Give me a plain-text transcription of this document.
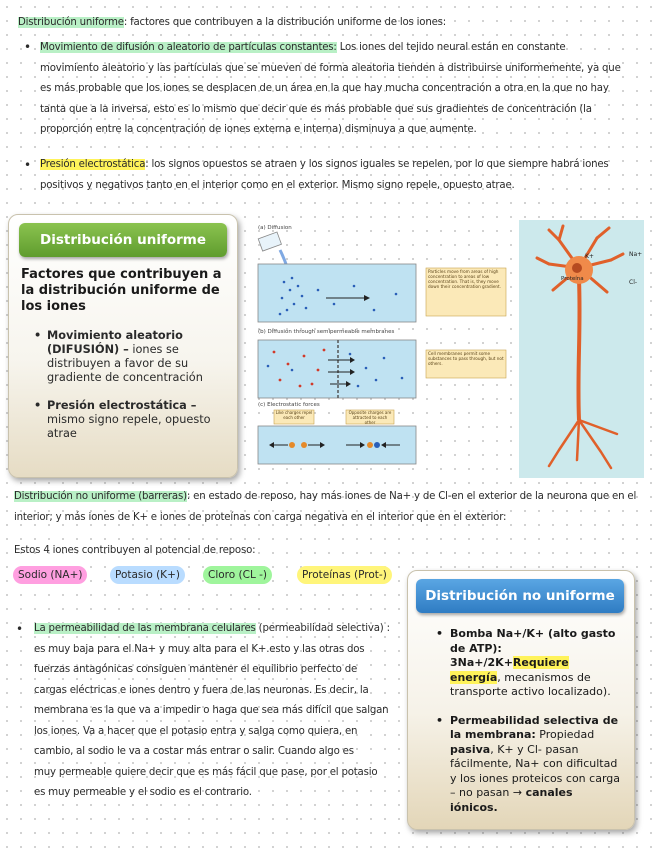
Distribución uniforme: factores que contribuyen a la distribución uniforme de los iones:
• Movimiento de difusión o aleatorio de partículas constantes: Los iones del tejido neural están en constante
movimiento aleatorio y las partículas que se mueven de forma aleatoria tienden a distribuirse uniformemente, ya que
es más probable que los iones se desplacen de un área en la que hay mucha concentración a otra en la que no hay
tanta que a la inversa, esto es lo mismo que decir que es más probable que sus gradientes de concentración (la
proporción entre la concentración de iones externa e interna) disminuya a que aumente.
• Presión electrostática: los signos opuestos se atraen y los signos iguales se repelen, por lo que siempre habrá iones
positivos y negativos tanto en el interior como en el exterior. Mismo signo repele, opuesto atrae.
Distribución uniforme
Factores que contribuyen a la distribución uniforme de los iones
• Movimiento aleatorio (DIFUSIÓN) – iones se distribuyen a favor de su gradiente de concentración
• Presión electrostática – mismo signo repele, opuesto atrae
(a) Diffusion
Particles move from areas of high concentration to areas of low concentration. That is, they move down their concentration gradient.
(b) Diffusion through semipermeable membranes
Cell membranes permit some substances to pass through, but not others.
(c) Electrostatic forces
Like charges repel each other
Opposite charges are attracted to each other
K+	Na+
Cl-
Proteína
Distribución no uniforme (barreras): en estado de reposo, hay más iones de Na+ y de Cl-en el exterior de la neurona que en el
interior; y más iones de K+ e iones de proteínas con carga negativa en el interior que en el exterior:
Estos 4 iones contribuyen al potencial de reposo:
Sodio (NA+)	Potasio (K+)	Cloro (CL -)	Proteínas (Prot-)
• La permeabilidad de las membrana celulares (permeabilidad selectiva) :
es muy baja para el Na+ y muy alta para el K+.esto y las otras dos
fuerzas antagónicas consiguen mantener el equilibrio perfecto de
cargas eléctricas e iones dentro y fuera de las neuronas. Es decir, la
membrana es la que va a impedir o haga que sea más difícil que salgan
los iones. Va a hacer que el potasio entra y salga como quiera, en
cambio, al sodio le va a costar más entrar o salir. Cuando algo es
muy permeable quiere decir que es más fácil que pase, por el potasio
es muy permeable y el sodio es el contrario.
Distribución no uniforme
• Bomba Na+/K+ (alto gasto de ATP): 3Na+/2K+Requiere energía, mecanismos de transporte activo localizado).
• Permeabilidad selectiva de la membrana: Propiedad pasiva, K+ y Cl- pasan fácilmente, Na+ con dificultad y los iones proteicos con carga – no pasan → canales iónicos.
